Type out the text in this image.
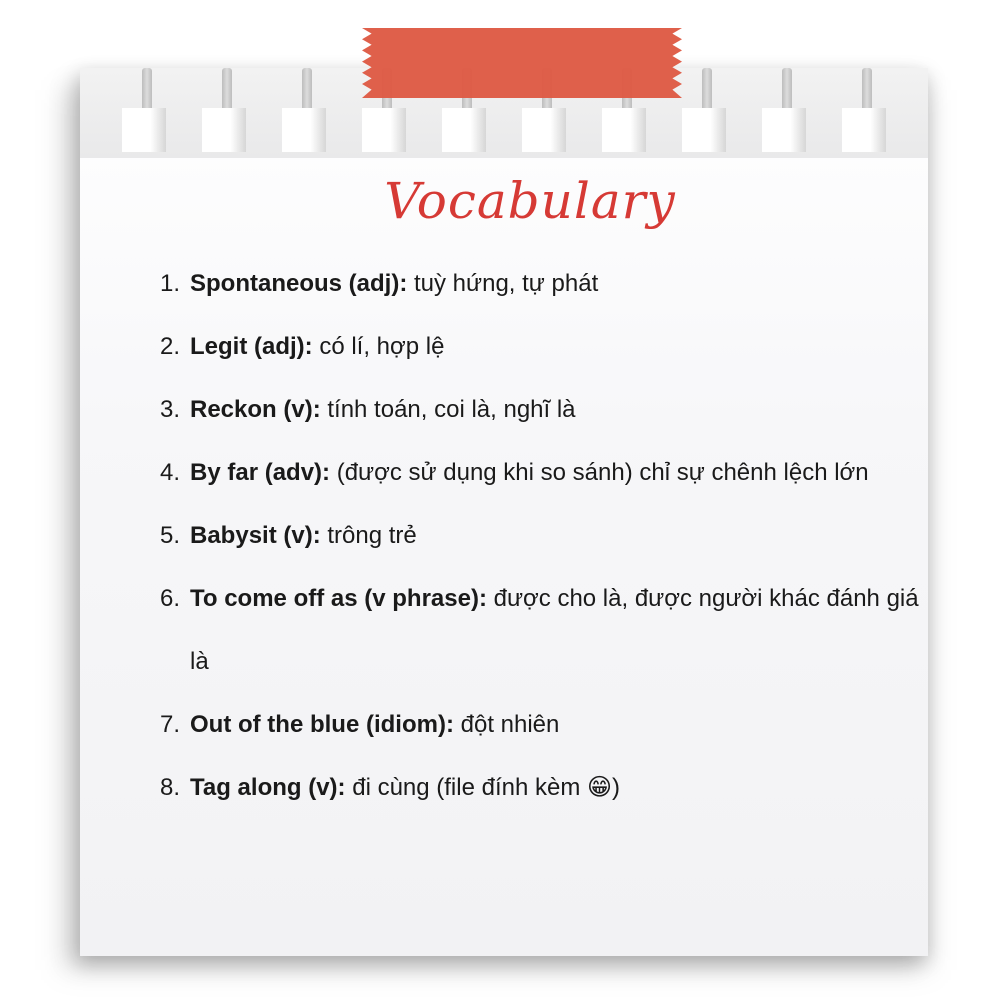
Vocabulary
1. Spontaneous (adj): tuỳ hứng, tự phát
2. Legit (adj): có lí, hợp lệ
3. Reckon (v): tính toán, coi là, nghĩ là
4. By far (adv): (được sử dụng khi so sánh) chỉ sự chênh lệch lớn
5. Babysit (v): trông trẻ
6. To come off as (v phrase): được cho là, được người khác đánh giá là
7. Out of the blue (idiom): đột nhiên
8. Tag along (v): đi cùng (file đính kèm 😁)
